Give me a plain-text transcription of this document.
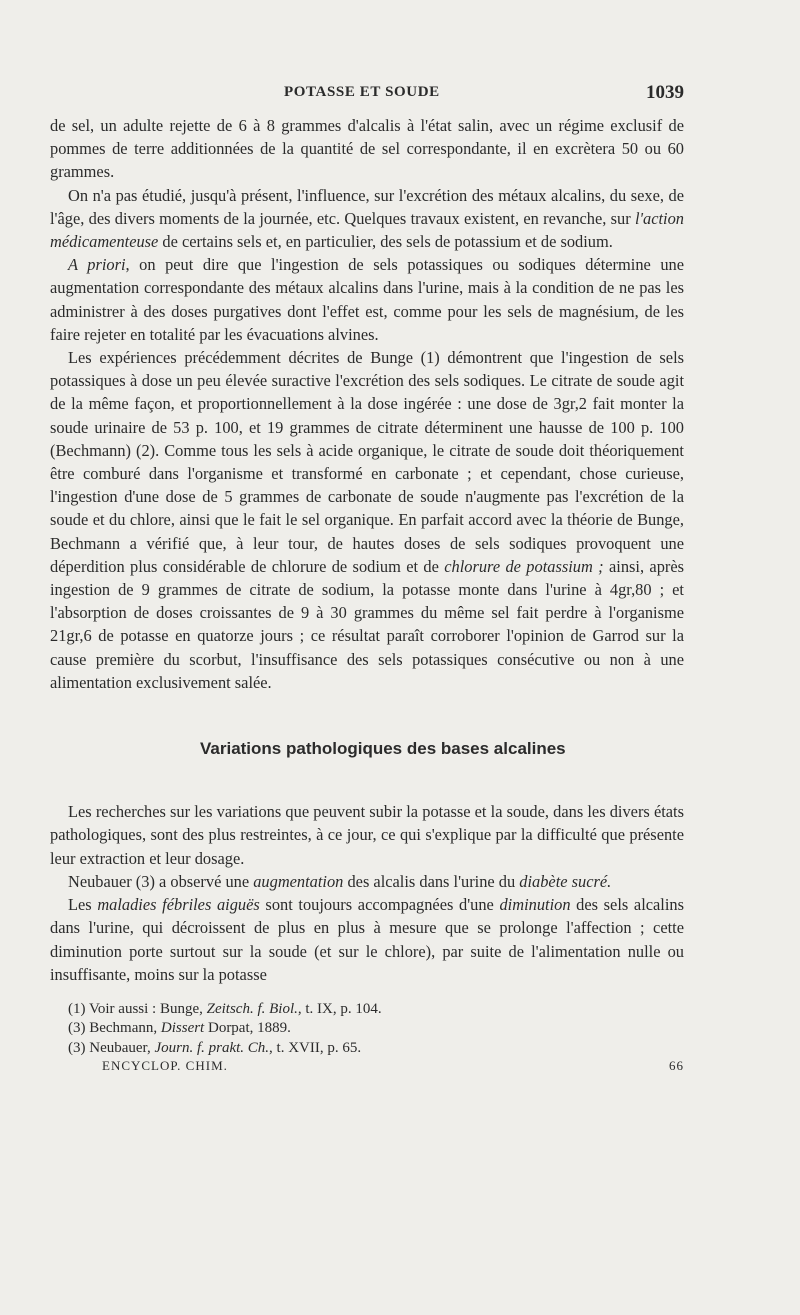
POTASSE ET SOUDE	1039

de sel, un adulte rejette de 6 à 8 grammes d'alcalis à l'état salin, avec un régime exclusif de pommes de terre additionnées de la quantité de sel correspondante, il en excrètera 50 ou 60 grammes.

On n'a pas étudié, jusqu'à présent, l'influence, sur l'excrétion des métaux alcalins, du sexe, de l'âge, des divers moments de la journée, etc. Quelques travaux existent, en revanche, sur l'action médicamenteuse de certains sels et, en particulier, des sels de potassium et de sodium.

A priori, on peut dire que l'ingestion de sels potassiques ou sodiques détermine une augmentation correspondante des métaux alcalins dans l'urine, mais à la condition de ne pas les administrer à des doses purgatives dont l'effet est, comme pour les sels de magnésium, de les faire rejeter en totalité par les évacuations alvines.

Les expériences précédemment décrites de Bunge (1) démontrent que l'ingestion de sels potassiques à dose un peu élevée suractive l'excrétion des sels sodiques. Le citrate de soude agit de la même façon, et proportionnellement à la dose ingérée : une dose de 3gr,2 fait monter la soude urinaire de 53 p. 100, et 19 grammes de citrate déterminent une hausse de 100 p. 100 (Bechmann) (2). Comme tous les sels à acide organique, le citrate de soude doit théoriquement être comburé dans l'organisme et transformé en carbonate ; et cependant, chose curieuse, l'ingestion d'une dose de 5 grammes de carbonate de soude n'augmente pas l'excrétion de la soude et du chlore, ainsi que le fait le sel organique. En parfait accord avec la théorie de Bunge, Bechmann a vérifié que, à leur tour, de hautes doses de sels sodiques provoquent une déperdition plus considérable de chlorure de sodium et de chlorure de potassium ; ainsi, après ingestion de 9 grammes de citrate de sodium, la potasse monte dans l'urine à 4gr,80 ; et l'absorption de doses croissantes de 9 à 30 grammes du même sel fait perdre à l'organisme 21gr,6 de potasse en quatorze jours ; ce résultat paraît corroborer l'opinion de Garrod sur la cause première du scorbut, l'insuffisance des sels potassiques consécutive ou non à une alimentation exclusivement salée.

Variations pathologiques des bases alcalines

Les recherches sur les variations que peuvent subir la potasse et la soude, dans les divers états pathologiques, sont des plus restreintes, à ce jour, ce qui s'explique par la difficulté que présente leur extraction et leur dosage.

Neubauer (3) a observé une augmentation des alcalis dans l'urine du diabète sucré.

Les maladies fébriles aiguës sont toujours accompagnées d'une diminution des sels alcalins dans l'urine, qui décroissent de plus en plus à mesure que se prolonge l'affection ; cette diminution porte surtout sur la soude (et sur le chlore), par suite de l'alimentation nulle ou insuffisante, moins sur la potasse

(1) Voir aussi : Bunge, Zeitsch. f. Biol., t. IX, p. 104.

(3) Bechmann, Dissert Dorpat, 1889.

(3) Neubauer, Journ. f. prakt. Ch., t. XVII, p. 65.

ENCYCLOP. CHIM.	66
